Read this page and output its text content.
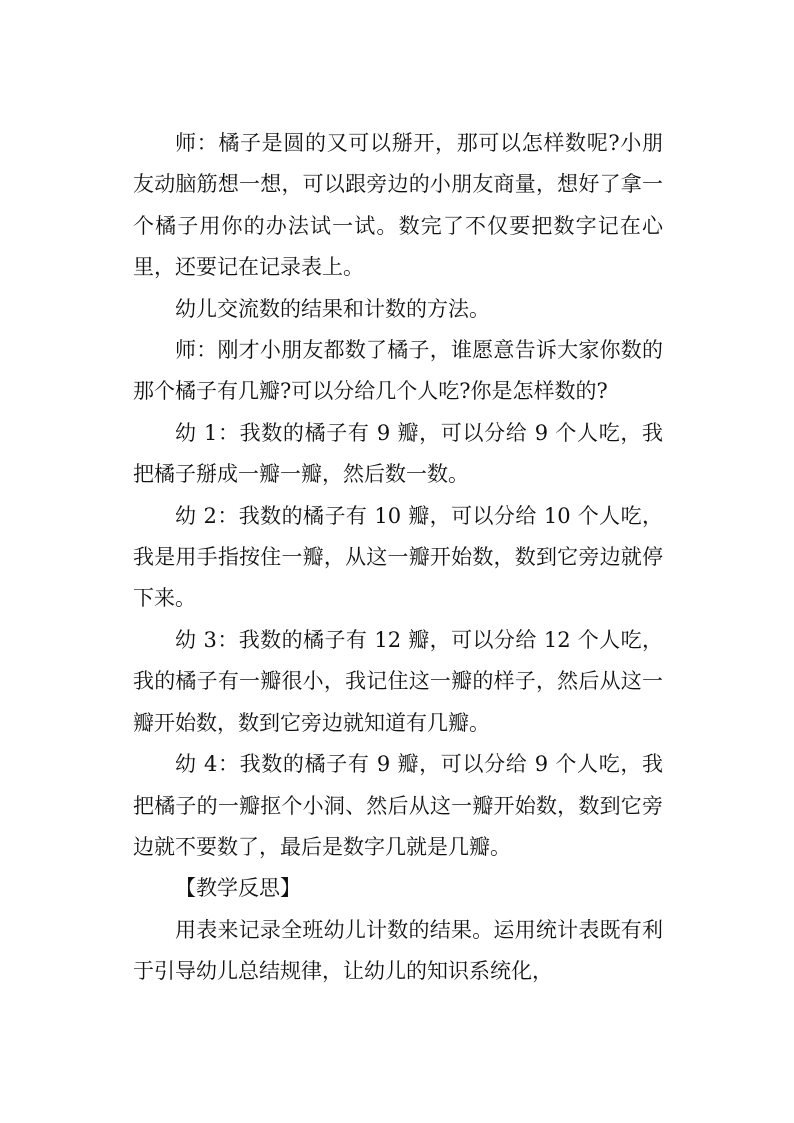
师：橘子是圆的又可以掰开，那可以怎样数呢?小朋友动脑筋想一想，可以跟旁边的小朋友商量，想好了拿一个橘子用你的办法试一试。数完了不仅要把数字记在心里，还要记在记录表上。

幼儿交流数的结果和计数的方法。

师：刚才小朋友都数了橘子，谁愿意告诉大家你数的那个橘子有几瓣?可以分给几个人吃?你是怎样数的?

幼 1：我数的橘子有 9 瓣，可以分给 9 个人吃，我把橘子掰成一瓣一瓣，然后数一数。

幼 2：我数的橘子有 10 瓣，可以分给 10 个人吃，我是用手指按住一瓣，从这一瓣开始数，数到它旁边就停下来。

幼 3：我数的橘子有 12 瓣，可以分给 12 个人吃，我的橘子有一瓣很小，我记住这一瓣的样子，然后从这一瓣开始数，数到它旁边就知道有几瓣。

幼 4：我数的橘子有 9 瓣，可以分给 9 个人吃，我把橘子的一瓣抠个小洞、然后从这一瓣开始数，数到它旁边就不要数了，最后是数字几就是几瓣。

【教学反思】

用表来记录全班幼儿计数的结果。运用统计表既有利于引导幼儿总结规律，让幼儿的知识系统化，
